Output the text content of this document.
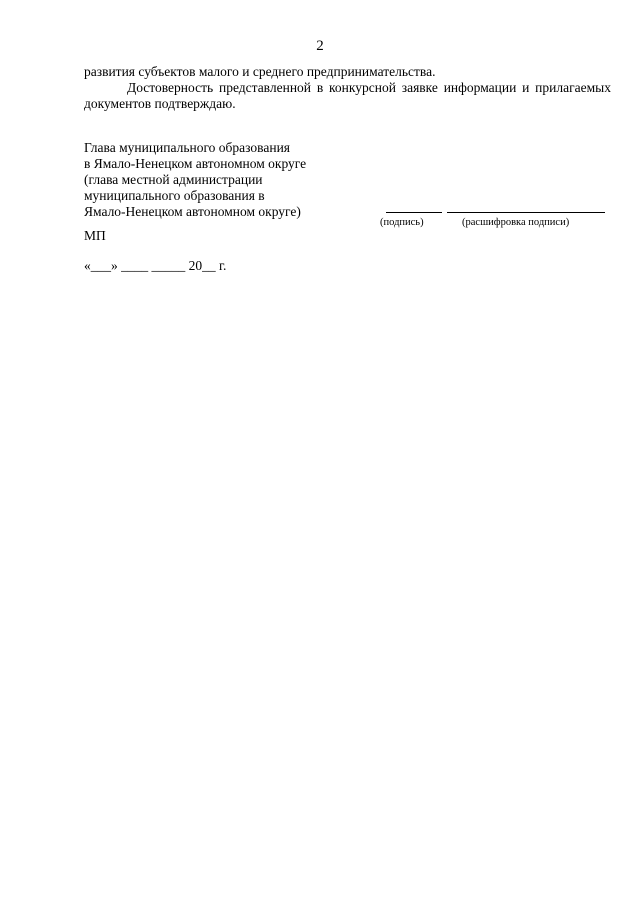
2
развития субъектов малого и среднего предпринимательства.
Достоверность представленной в конкурсной заявке информации и прилагаемых
документов подтверждаю.
Глава муниципального образования
в Ямало-Ненецком автономном округе
(глава местной администрации
муниципального образования в
Ямало-Ненецком автономном округе)
(подпись)	(расшифровка подписи)
МП
«___» ____ _____ 20__ г.
